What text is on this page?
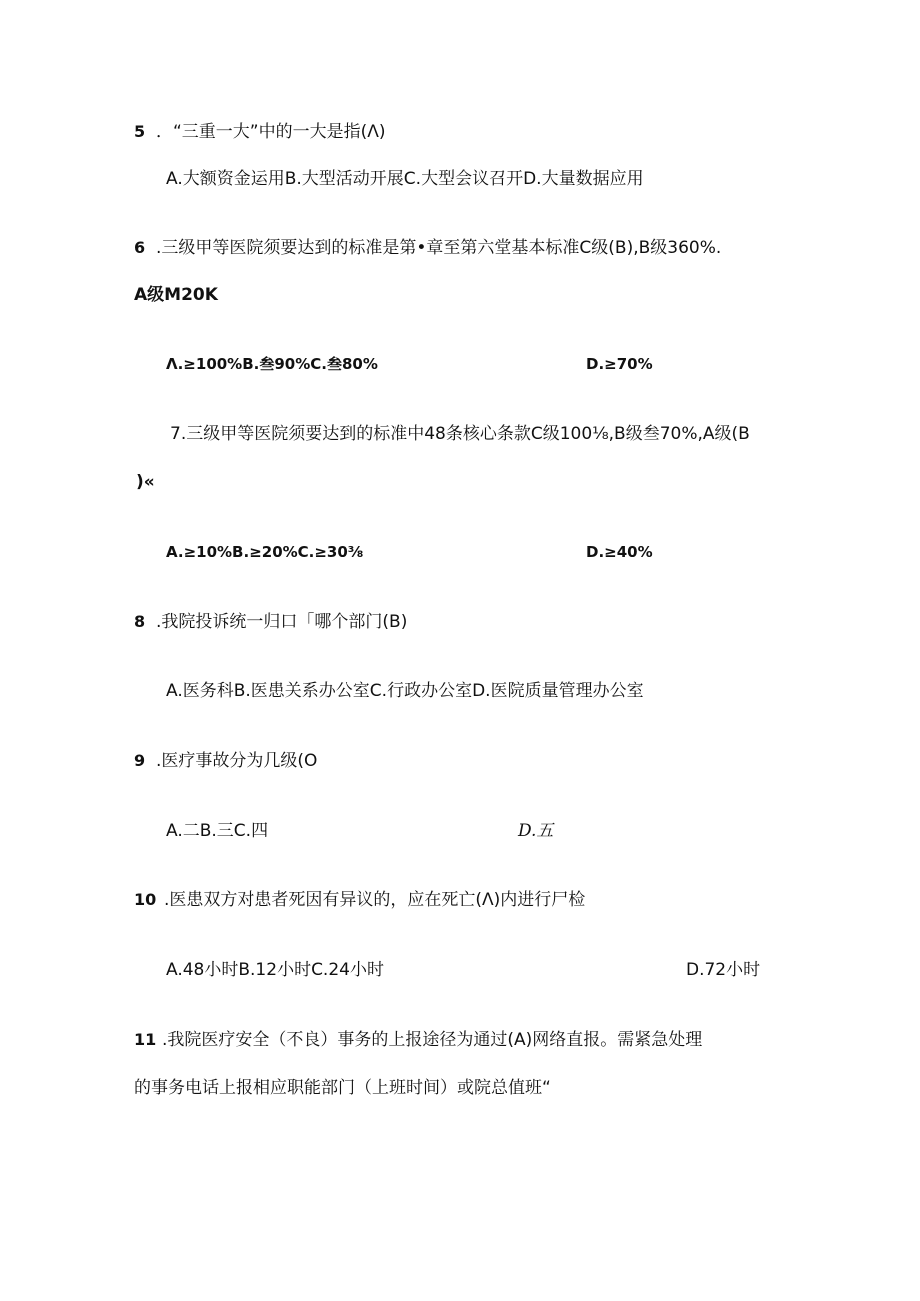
5 ．“三重一大”中的一大是指(Λ)
A.大额资金运用B.大型活动开展C.大型会议召开D.大量数据应用
6 .三级甲等医院须要达到的标准是第•章至第六堂基本标准C级(B),B级360%.
A级M20K
Λ.≥100%B.叁90%C.叁80%	D.≥70%
7.三级甲等医院须要达到的标准中48条核心条款C级100⅛,B级叁70%,A级(B
)«
A.≥10%B.≥20%C.≥30⅜	D.≥40%
8 .我院投诉统一归口「哪个部门(B)
A.医务科B.医患关系办公室C.行政办公室D.医院质量管理办公室
9 .医疗事故分为几级(O
A.二B.三C.四	D.五
10 .医患双方对患者死因有异议的，应在死亡(Λ)内进行尸检
A.48小时B.12小时C.24小时	D.72小时
11 .我院医疗安全（不良）事务的上报途径为通过(A)网络直报。需紧急处理
的事务电话上报相应职能部门（上班时间）或院总值班“
